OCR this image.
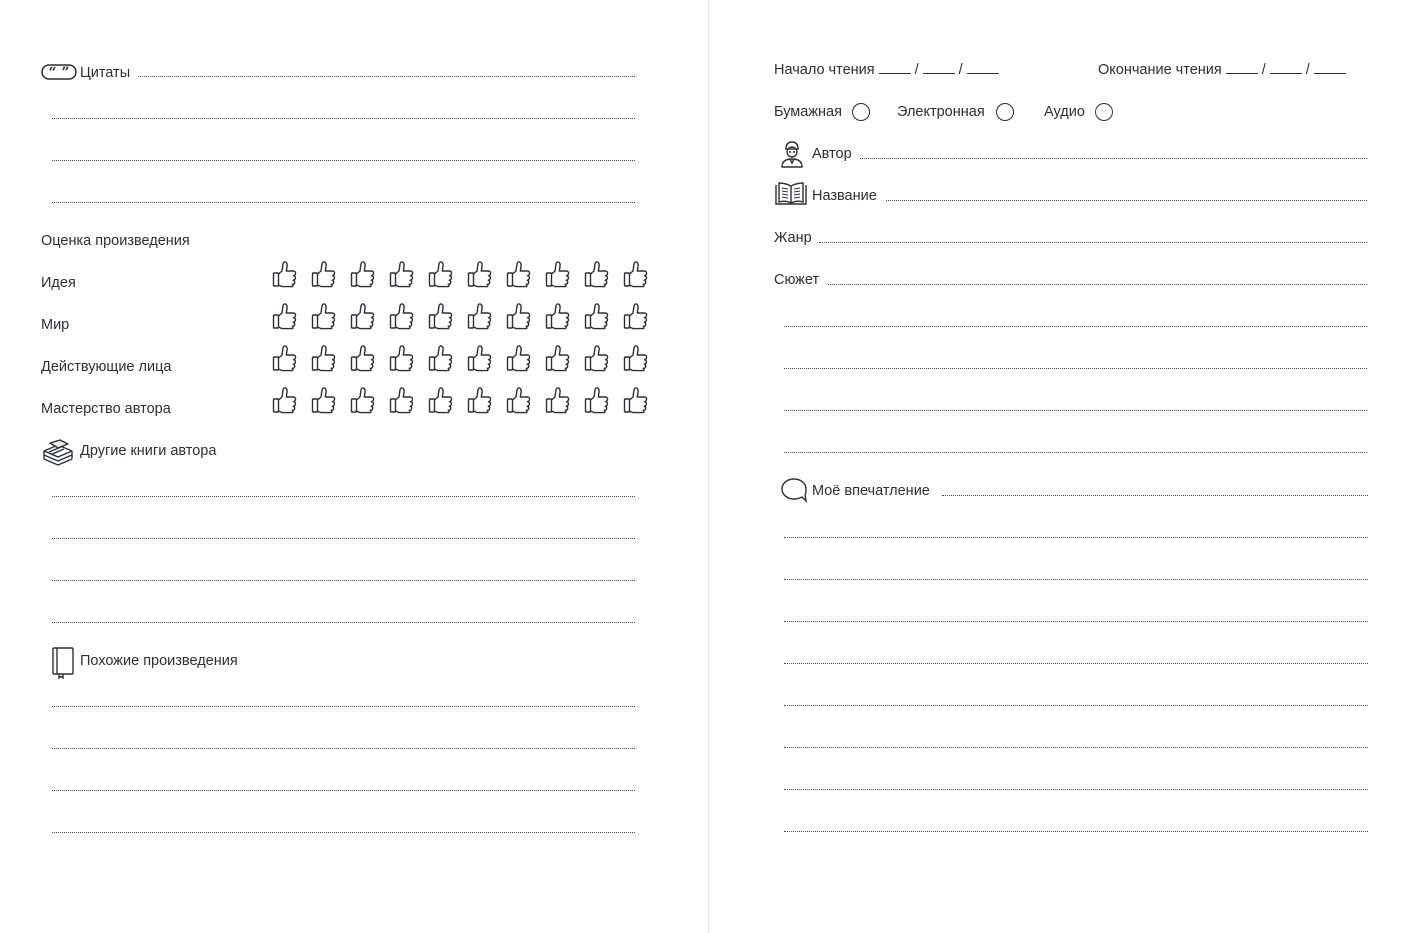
“ ” Цитаты
Оценка произведения
Идея
Мир
Действующие лица
Мастерство автора
Другие книги автора
Похожие произведения
Начало чтения	/	/	Окончание чтения	/	/
Бумажная	Электронная	Аудио
Автор
Название
Жанр
Сюжет
Моё впечатление
